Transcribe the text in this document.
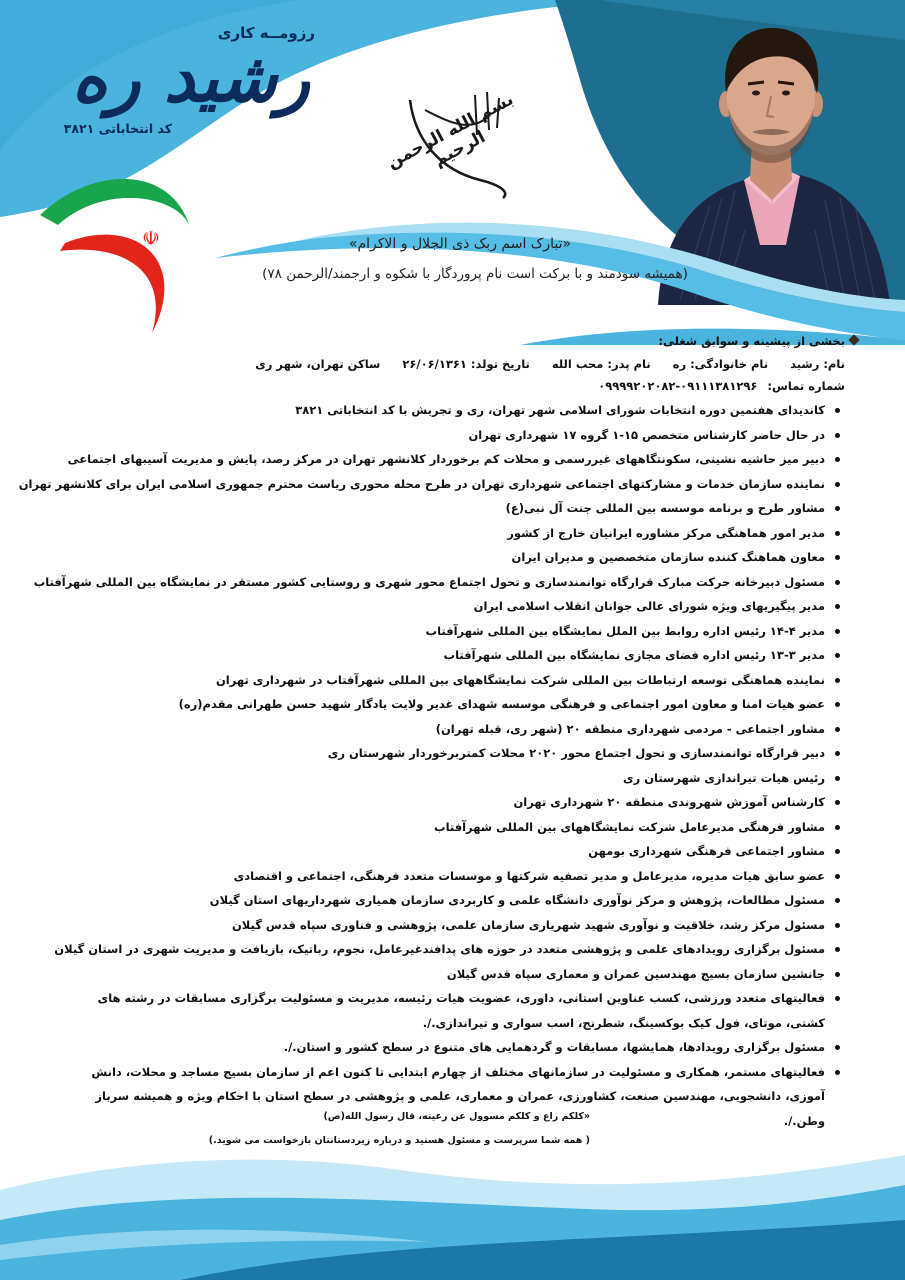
رزومــه کاری
رشید ره
کد انتخاباتی ۳۸۲۱
☫
بسم الله الرحمن الرحیم
«تبارک اسم ربک ذی الجلال و الاکرام»
(همیشه سودمند و با برکت است نام پروردگار با شکوه و ارجمند/الرحمن ۷۸)
بخشی از پیشینه و سوابق شغلی:
نام: رشید
نام خانوادگی: ره
نام پدر: محب الله
تاریخ تولد: ۲۶/۰۶/۱۳۶۱
ساکن تهران، شهر ری
شماره تماس: ۰۹۹۹۹۲۰۲۰۸۲-۰۹۱۱۱۳۸۱۲۹۶
کاندیدای هفتمین دوره انتخابات شورای اسلامی شهر تهران، ری و تجریش با کد انتخاباتی ۳۸۲۱
در حال حاضر کارشناس متخصص ۱۵-۱ گروه ۱۷ شهرداری تهران
دبیر میز حاشیه نشینی، سکونتگاههای غیررسمی و محلات کم برخوردار کلانشهر تهران در مرکز رصد، پایش و مدیریت آسیبهای اجتماعی
نماینده سازمان خدمات و مشارکتهای اجتماعی شهرداری تهران در طرح محله محوری ریاست محترم جمهوری اسلامی ایران برای کلانشهر تهران
مشاور طرح و برنامه موسسه بین المللی جنت آل نبی(ع)
مدیر امور هماهنگی مرکز مشاوره ایرانیان خارج از کشور
معاون هماهنگ کننده سازمان متخصصین و مدیران ایران
مسئول دبیرخانه حرکت مبارک قرارگاه توانمندسازی و تحول اجتماع محور شهری و روستایی کشور مستقر در نمایشگاه بین المللی شهرآفتاب
مدیر پیگیریهای ویژه شورای عالی جوانان انقلاب اسلامی ایران
مدیر ۴-۱۴ رئیس اداره روابط بین الملل نمایشگاه بین المللی شهرآفتاب
مدیر ۳-۱۳ رئیس اداره فضای مجازی نمایشگاه بین المللی شهرآفتاب
نماینده هماهنگی توسعه ارتباطات بین المللی شرکت نمایشگاههای بین المللی شهرآفتاب در شهرداری تهران
عضو هیات امنا و معاون امور اجتماعی و فرهنگی موسسه شهدای غدیر ولایت یادگار شهید حسن طهرانی مقدم(ره)
مشاور اجتماعی - مردمی شهرداری منطقه ۲۰ (شهر ری، قبله تهران)
دبیر قرارگاه توانمندسازی و تحول اجتماع محور ۲۰۲۰ محلات کمتربرخوردار شهرستان ری
رئیس هیات تیراندازی شهرستان ری
کارشناس آموزش شهروندی منطقه ۲۰ شهرداری تهران
مشاور فرهنگی مدیرعامل شرکت نمایشگاههای بین المللی شهرآفتاب
مشاور اجتماعی فرهنگی شهرداری بومهن
عضو سابق هیات مدیره، مدیرعامل و مدیر تصفیه شرکتها و موسسات متعدد فرهنگی، اجتماعی و اقتصادی
مسئول مطالعات، پژوهش و مرکز نوآوری دانشگاه علمی و کاربردی سازمان همیاری شهرداریهای استان گیلان
مسئول مرکز رشد، خلاقیت و نوآوری شهید شهریاری سازمان علمی، پژوهشی و فناوری سپاه قدس گیلان
مسئول برگزاری رویدادهای علمی و پژوهشی متعدد در حوزه های پدافندغیرعامل، نجوم، رباتیک، بازیافت و مدیریت شهری در استان گیلان
جانشین سازمان بسیج مهندسین عمران و معماری سپاه قدس گیلان
فعالیتهای متعدد ورزشی، کسب عناوین استانی، داوری، عضویت هیات رئیسه، مدیریت و مسئولیت برگزاری مسابقات در رشته های کشتی، موتای، فول کیک بوکسینگ، شطرنج، اسب سواری و تیراندازی./.
مسئول برگزاری رویدادها، همایشها، مسابقات و گردهمایی های متنوع در سطح کشور و استان./.
فعالیتهای مستمر، همکاری و مسئولیت در سازمانهای مختلف از چهارم ابتدایی تا کنون اعم از سازمان بسیج مساجد و محلات، دانش آموزی، دانشجویی، مهندسین صنعت، کشاورزی، عمران و معماری، علمی و پژوهشی در سطح استان با احکام ویژه و همیشه سرباز وطن./.
«کلکم راع و کلکم مسوول عن رعیته، قال رسول الله(ص)
( همه شما سرپرست و مسئول هستید و درباره زیردستانتان بازخواست می شوید.)
